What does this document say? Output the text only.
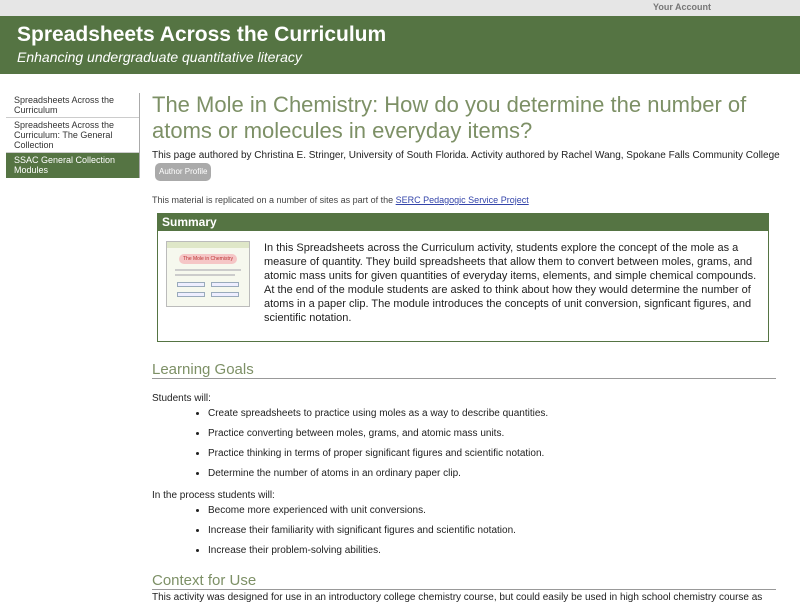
Your Account
Spreadsheets Across the Curriculum
Enhancing undergraduate quantitative literacy
Spreadsheets Across the Curriculum
Spreadsheets Across the Curriculum: The General Collection
SSAC General Collection Modules
The Mole in Chemistry: How do you determine the number of atoms or molecules in everyday items?

This page authored by Christina E. Stringer, University of South Florida. Activity authored by Rachel Wang, Spokane Falls Community College Author Profile

This material is replicated on a number of sites as part of the SERC Pedagogic Service Project

Summary
The Mole in Chemistry

In this Spreadsheets across the Curriculum activity, students explore the concept of the mole as a measure of quantity. They build spreadsheets that allow them to convert between moles, grams, and atomic mass units for given quantities of everyday items, elements, and simple chemical compounds. At the end of the module students are asked to think about how they would determine the number of atoms in a paper clip. The module introduces the concepts of unit conversion, signficant figures, and scientific notation.

Learning Goals

Students will:

• Create spreadsheets to practice using moles as a way to describe quantities.
• Practice converting between moles, grams, and atomic mass units.
• Practice thinking in terms of proper significant figures and scientific notation.
• Determine the number of atoms in an ordinary paper clip.

In the process students will:

• Become more experienced with unit conversions.
• Increase their familiarity with significant figures and scientific notation.
• Increase their problem-solving abilities.
Context for Use

This activity was designed for use in an introductory college chemistry course, but could easily be used in high school chemistry course as
